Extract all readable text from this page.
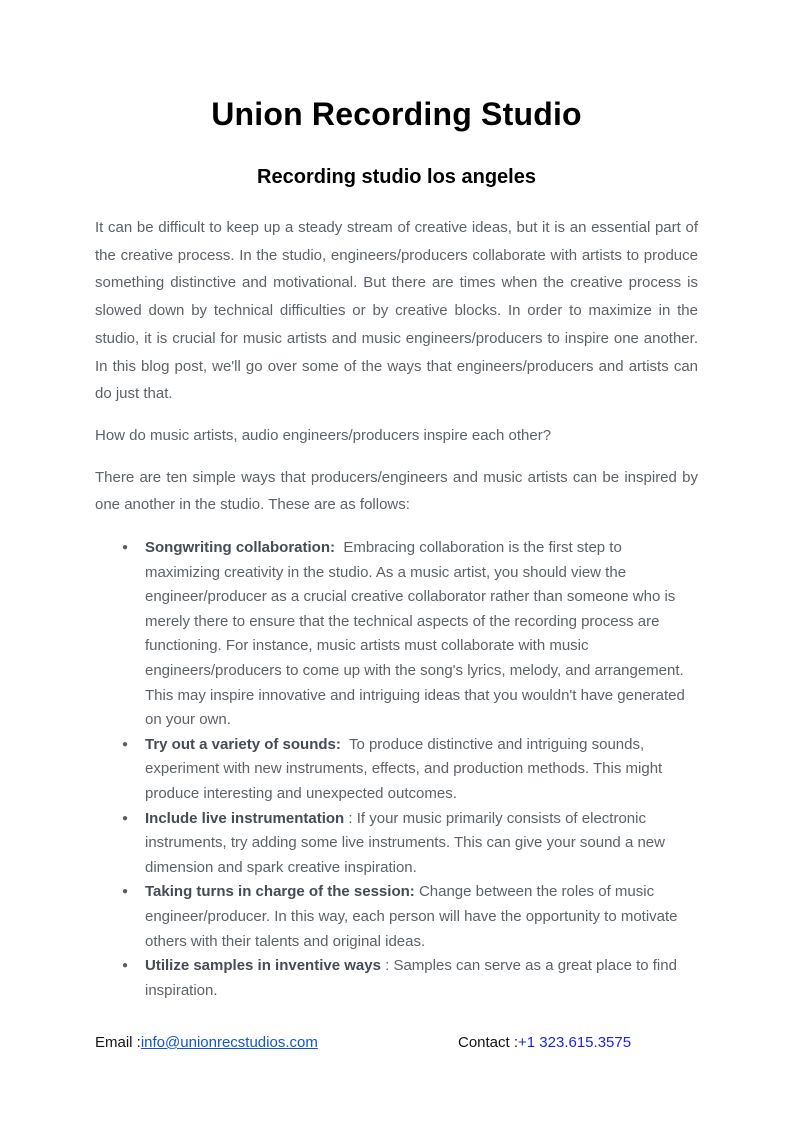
Union Recording Studio
Recording studio los angeles

It can be difficult to keep up a steady stream of creative ideas, but it is an essential part of the creative process. In the studio, engineers/producers collaborate with artists to produce something distinctive and motivational. But there are times when the creative process is slowed down by technical difficulties or by creative blocks. In order to maximize in the studio, it is crucial for music artists and music engineers/producers to inspire one another. In this blog post, we'll go over some of the ways that engineers/producers and artists can do just that.

How do music artists, audio engineers/producers inspire each other?

There are ten simple ways that producers/engineers and music artists can be inspired by one another in the studio. These are as follows:

● Songwriting collaboration: Embracing collaboration is the first step to maximizing creativity in the studio. As a music artist, you should view the engineer/producer as a crucial creative collaborator rather than someone who is merely there to ensure that the technical aspects of the recording process are functioning. For instance, music artists must collaborate with music engineers/producers to come up with the song's lyrics, melody, and arrangement. This may inspire innovative and intriguing ideas that you wouldn't have generated on your own.
● Try out a variety of sounds: To produce distinctive and intriguing sounds, experiment with new instruments, effects, and production methods. This might produce interesting and unexpected outcomes.
● Include live instrumentation : If your music primarily consists of electronic instruments, try adding some live instruments. This can give your sound a new dimension and spark creative inspiration.
● Taking turns in charge of the session: Change between the roles of music engineer/producer. In this way, each person will have the opportunity to motivate others with their talents and original ideas.
● Utilize samples in inventive ways : Samples can serve as a great place to find inspiration.
Email :info@unionrecstudios.com	Contact :+1 323.615.3575
